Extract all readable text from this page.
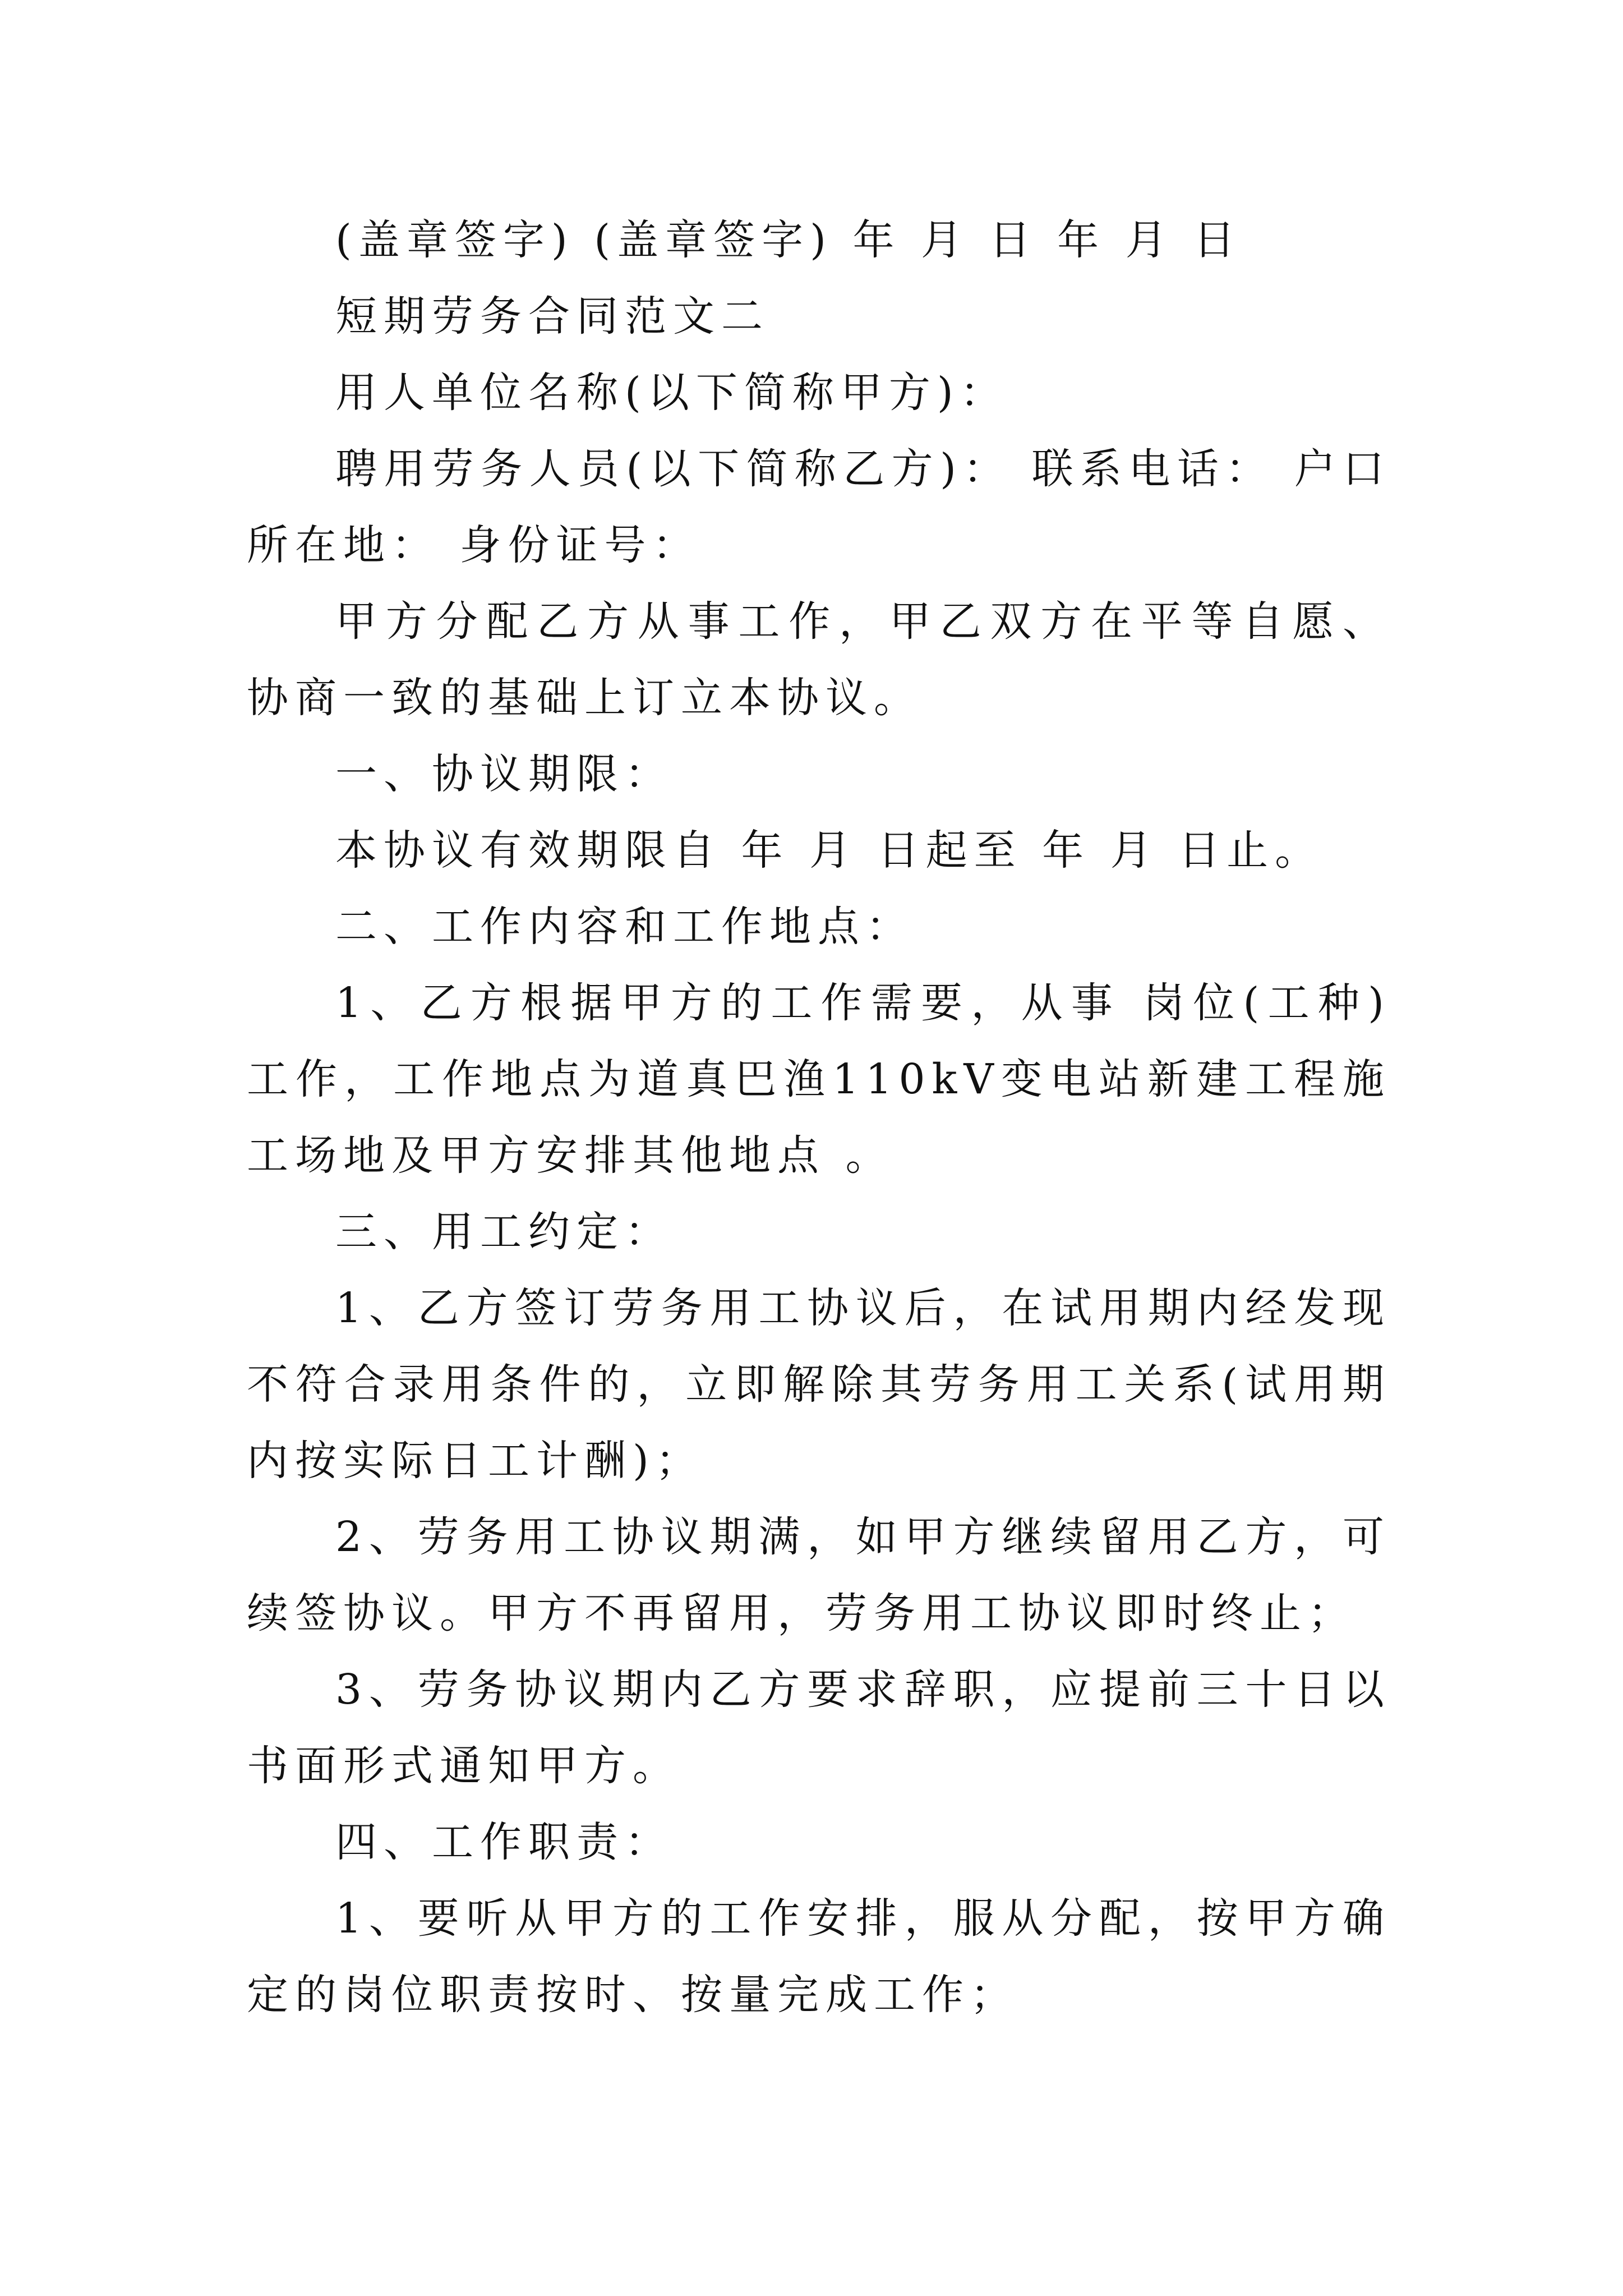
(盖章签字) (盖章签字) 年 月 日 年 月 日

短期劳务合同范文二

用人单位名称(以下简称甲方)：

聘用劳务人员(以下简称乙方)： 联系电话： 户口所在地： 身份证号：

甲方分配乙方从事工作，甲乙双方在平等自愿、协商一致的基础上订立本协议。

一、协议期限：

本协议有效期限自 年 月 日起至 年 月 日止。

二、工作内容和工作地点：

1、乙方根据甲方的工作需要，从事 岗位(工种)工作，工作地点为道真巴渔110kV变电站新建工程施工场地及甲方安排其他地点 。

三、用工约定：

1、乙方签订劳务用工协议后，在试用期内经发现不符合录用条件的，立即解除其劳务用工关系(试用期内按实际日工计酬)；

2、劳务用工协议期满，如甲方继续留用乙方，可续签协议。甲方不再留用，劳务用工协议即时终止；

3、劳务协议期内乙方要求辞职，应提前三十日以书面形式通知甲方。

四、工作职责：

1、要听从甲方的工作安排，服从分配，按甲方确定的岗位职责按时、按量完成工作；
